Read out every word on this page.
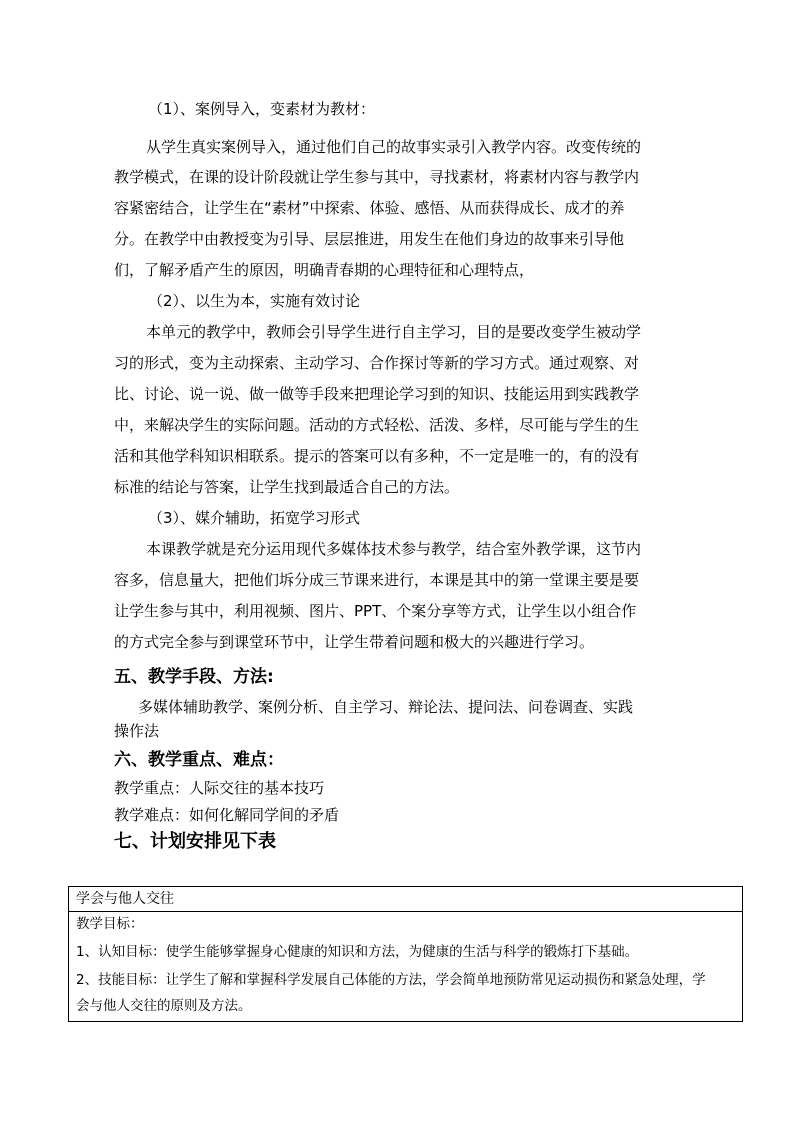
（1）、案例导入，变素材为教材：
从学生真实案例导入，通过他们自己的故事实录引入教学内容。改变传统的
教学模式，在课的设计阶段就让学生参与其中，寻找素材，将素材内容与教学内
容紧密结合，让学生在“素材”中探索、体验、感悟、从而获得成长、成才的养
分。在教学中由教授变为引导、层层推进，用发生在他们身边的故事来引导他
们，了解矛盾产生的原因，明确青春期的心理特征和心理特点，
（2）、以生为本，实施有效讨论
本单元的教学中，教师会引导学生进行自主学习，目的是要改变学生被动学
习的形式，变为主动探索、主动学习、合作探讨等新的学习方式。通过观察、对
比、讨论、说一说、做一做等手段来把理论学习到的知识、技能运用到实践教学
中，来解决学生的实际问题。活动的方式轻松、活泼、多样，尽可能与学生的生
活和其他学科知识相联系。提示的答案可以有多种，不一定是唯一的，有的没有
标准的结论与答案，让学生找到最适合自己的方法。
（3）、媒介辅助，拓宽学习形式
本课教学就是充分运用现代多媒体技术参与教学，结合室外教学课，这节内
容多，信息量大，把他们坼分成三节课来进行，本课是其中的第一堂课主要是要
让学生参与其中，利用视频、图片、PPT、个案分享等方式，让学生以小组合作
的方式完全参与到课堂环节中，让学生带着问题和极大的兴趣进行学习。
五、教学手段、方法:
多媒体辅助教学、案例分析、自主学习、辩论法、提问法、问卷调查、实践
操作法
六、教学重点、难点：
教学重点：人际交往的基本技巧
教学难点：如何化解同学间的矛盾
七、计划安排见下表
学会与他人交往
教学目标：
1、认知目标：使学生能够掌握身心健康的知识和方法，为健康的生活与科学的锻炼打下基础。
2、技能目标：让学生了解和掌握科学发展自己体能的方法，学会简单地预防常见运动损伤和紧急处理，学
会与他人交往的原则及方法。
